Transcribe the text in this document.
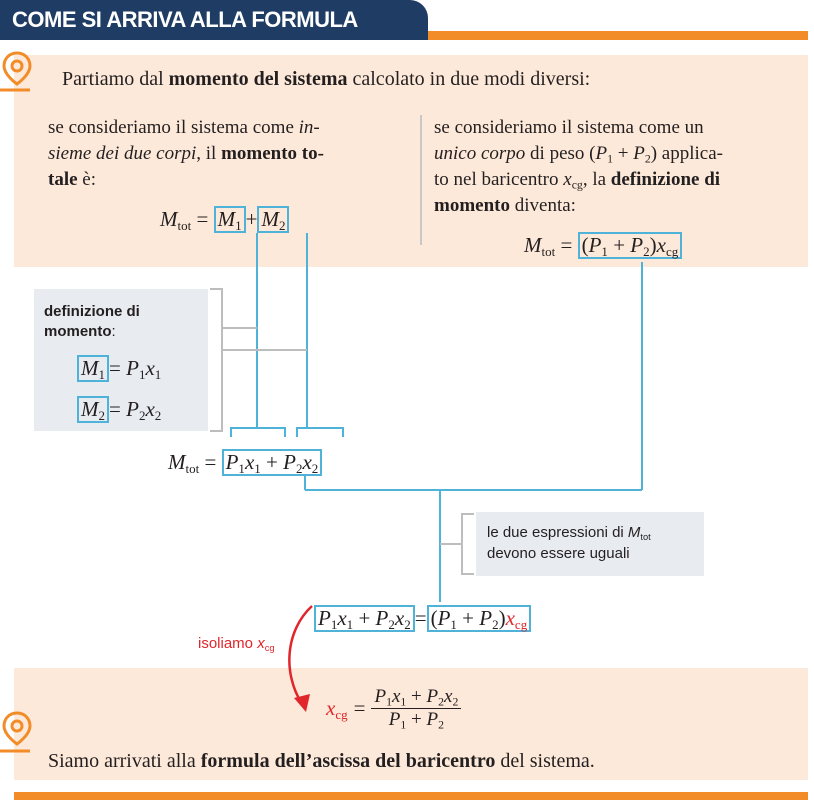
COME SI ARRIVA ALLA FORMULA
Partiamo dal momento del sistema calcolato in due modi diversi:
se consideriamo il sistema come in-
sieme dei due corpi, il momento to-
tale è:
se consideriamo il sistema come un
unico corpo di peso $(P_1 + P_2)$ applica-
to nel baricentro $x_{cg}$, la definizione di
momento diventa:
$M_{tot} = M_1 + M_2$
$M_{tot} = (P_1 + P_2)x_{cg}$
definizione di
momento:
$M_1 = P_1x_1$
$M_2 = P_2x_2$
$M_{tot} = P_1x_1 + P_2x_2$
le due espressioni di $M_{tot}$
devono essere uguali
$P_1x_1 + P_2x_2 = (P_1 + P_2)x_{cg}$
isoliamo $x_{cg}$
$x_{cg} = \frac{P_1x_1 + P_2x_2}{P_1 + P_2}$
Siamo arrivati alla formula dell’ascissa del baricentro del sistema.
